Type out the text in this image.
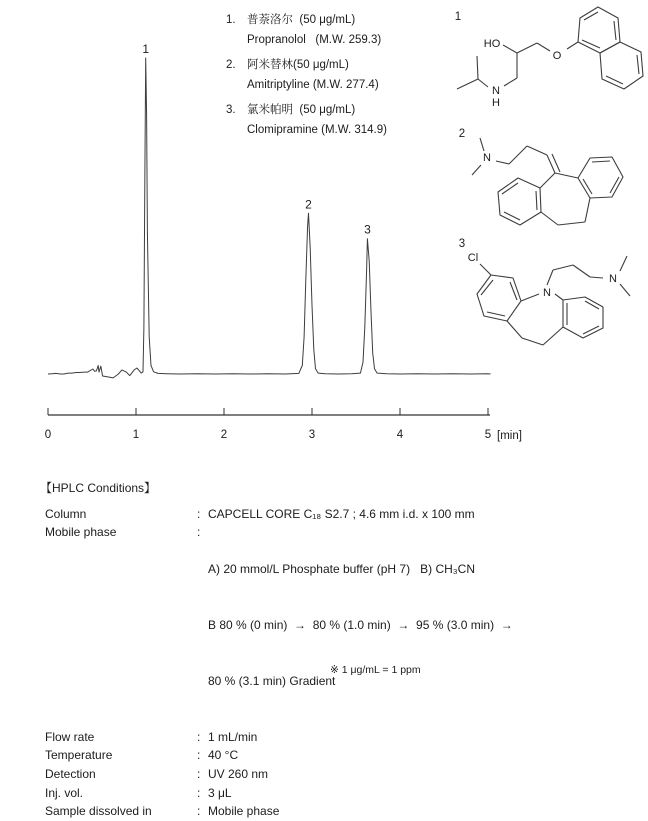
1
2
3
0	1	2	3	4	5 [min]
1. 普萘洛尔  (50 μg/mL)
Propranolol   (M.W. 259.3)
2. 阿米替林(50 μg/mL)
Amitriptyline (M.W. 277.4)
3. 氯米帕明  (50 μg/mL)
Clomipramine (M.W. 314.9)
1
HO
O
N
H
2
N
3
Cl
N
N
【HPLC Conditions】
Column	: CAPCELL CORE C₁₈ S2.7 ; 4.6 mm i.d. x 100 mm
Mobile phase	:

A) 20 mmol/L Phosphate buffer (pH 7)   B) CH₃CN

B 80 % (0 min)  →  80 % (1.0 min)  →  95 % (3.0 min)  →

80 % (3.1 min) Gradient

Flow rate	: 1 mL/min
Temperature	: 40 °C
Detection	: UV 260 nm
Inj. vol.	: 3 μL
Sample dissolved in	: Mobile phase
※ 1 μg/mL = 1 ppm
